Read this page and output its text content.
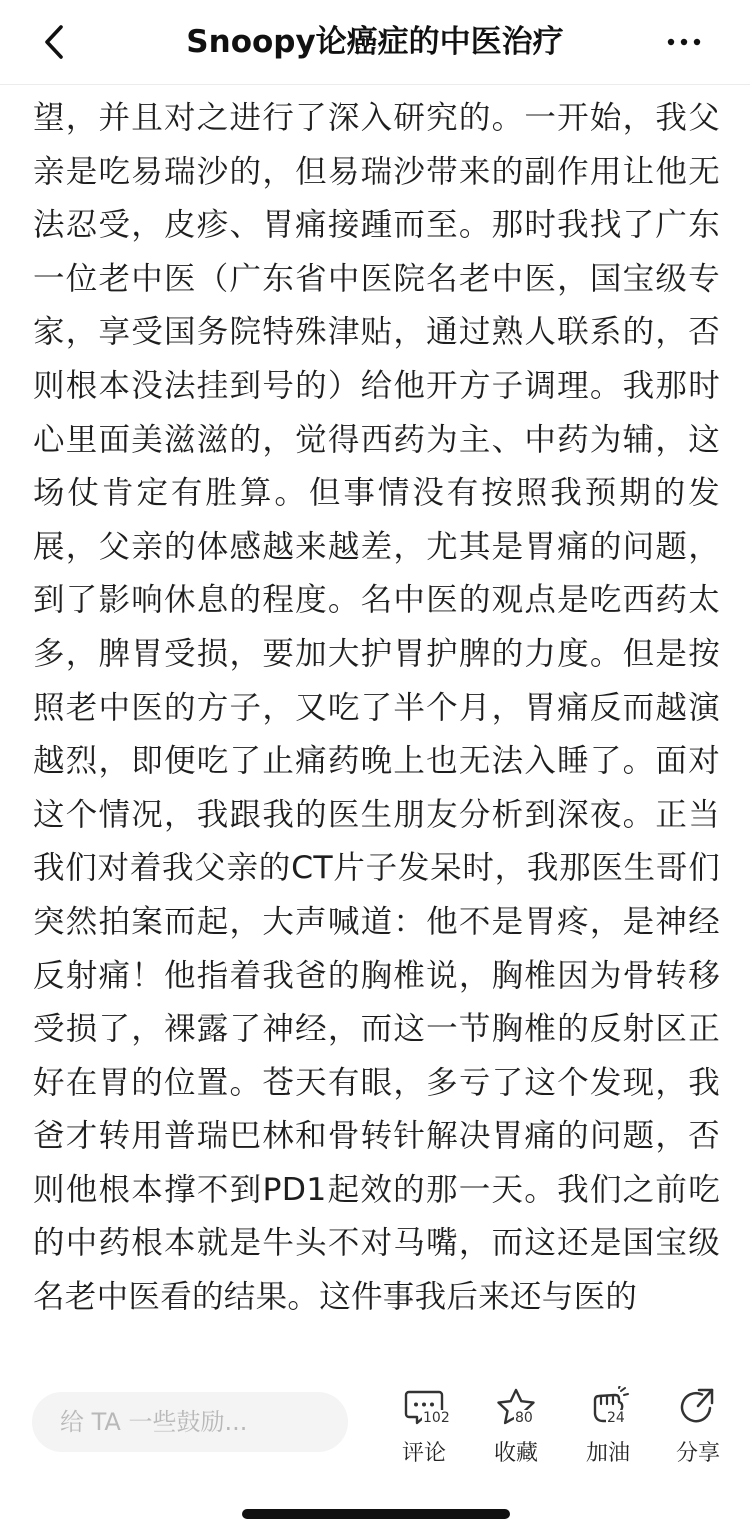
Snoopy论癌症的中医治疗

望，并且对之进行了深入研究的。一开始，我父亲是吃易瑞沙的，但易瑞沙带来的副作用让他无法忍受，皮疹、胃痛接踵而至。那时我找了广东一位老中医（广东省中医院名老中医，国宝级专家，享受国务院特殊津贴，通过熟人联系的，否则根本没法挂到号的）给他开方子调理。我那时心里面美滋滋的，觉得西药为主、中药为辅，这场仗肯定有胜算。但事情没有按照我预期的发展，父亲的体感越来越差，尤其是胃痛的问题，到了影响休息的程度。名中医的观点是吃西药太多，脾胃受损，要加大护胃护脾的力度。但是按照老中医的方子，又吃了半个月，胃痛反而越演越烈，即便吃了止痛药晚上也无法入睡了。面对这个情况，我跟我的医生朋友分析到深夜。正当我们对着我父亲的CT片子发呆时，我那医生哥们突然拍案而起，大声喊道：他不是胃疼，是神经反射痛！他指着我爸的胸椎说，胸椎因为骨转移受损了，裸露了神经，而这一节胸椎的反射区正好在胃的位置。苍天有眼，多亏了这个发现，我爸才转用普瑞巴林和骨转针解决胃痛的问题，否则他根本撑不到PD1起效的那一天。我们之前吃的中药根本就是牛头不对马嘴，而这还是国宝级名老中医看的结果。这件事我后来还与医的

给 TA 一些鼓励...
102
评论
80
收藏
24
加油 分享
